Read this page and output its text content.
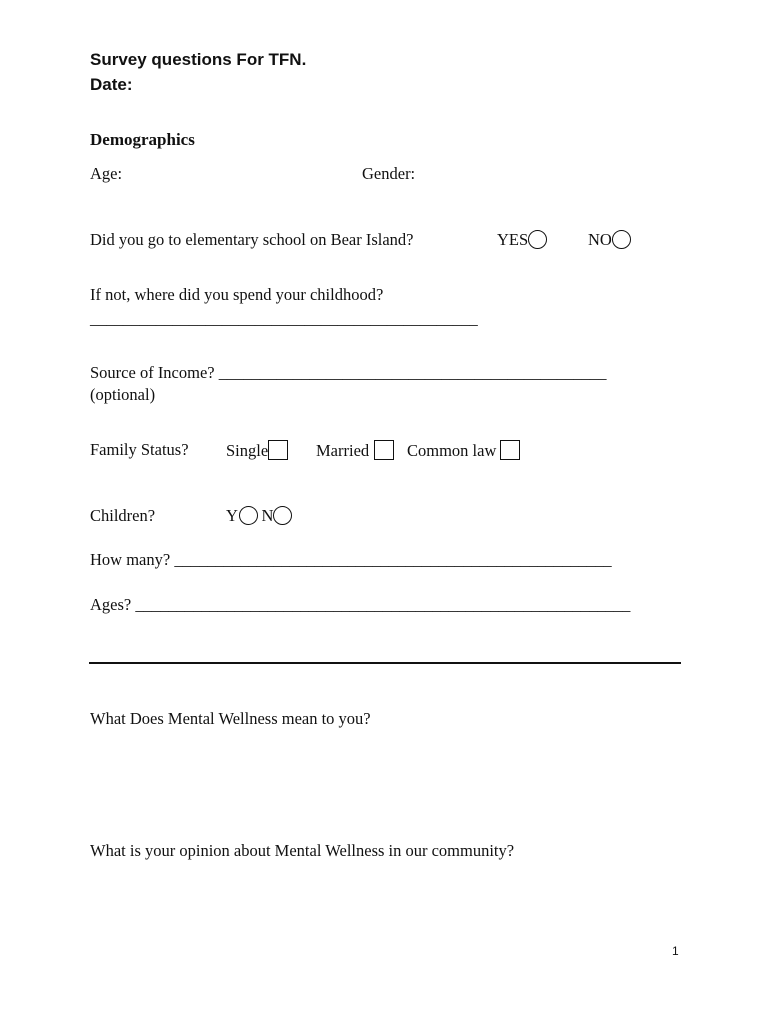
Survey questions For TFN.
Date:
Demographics
Age:	Gender:
Did you go to elementary school on Bear Island?	YES	NO
If not, where did you spend your childhood?
_______________________________________________
Source of Income? _______________________________________________
(optional)
Family Status? Single	Married	Common law
Children?	Y N
How many? _____________________________________________________
Ages? ____________________________________________________________
What Does Mental Wellness mean to you?
What is your opinion about Mental Wellness in our community?
1
